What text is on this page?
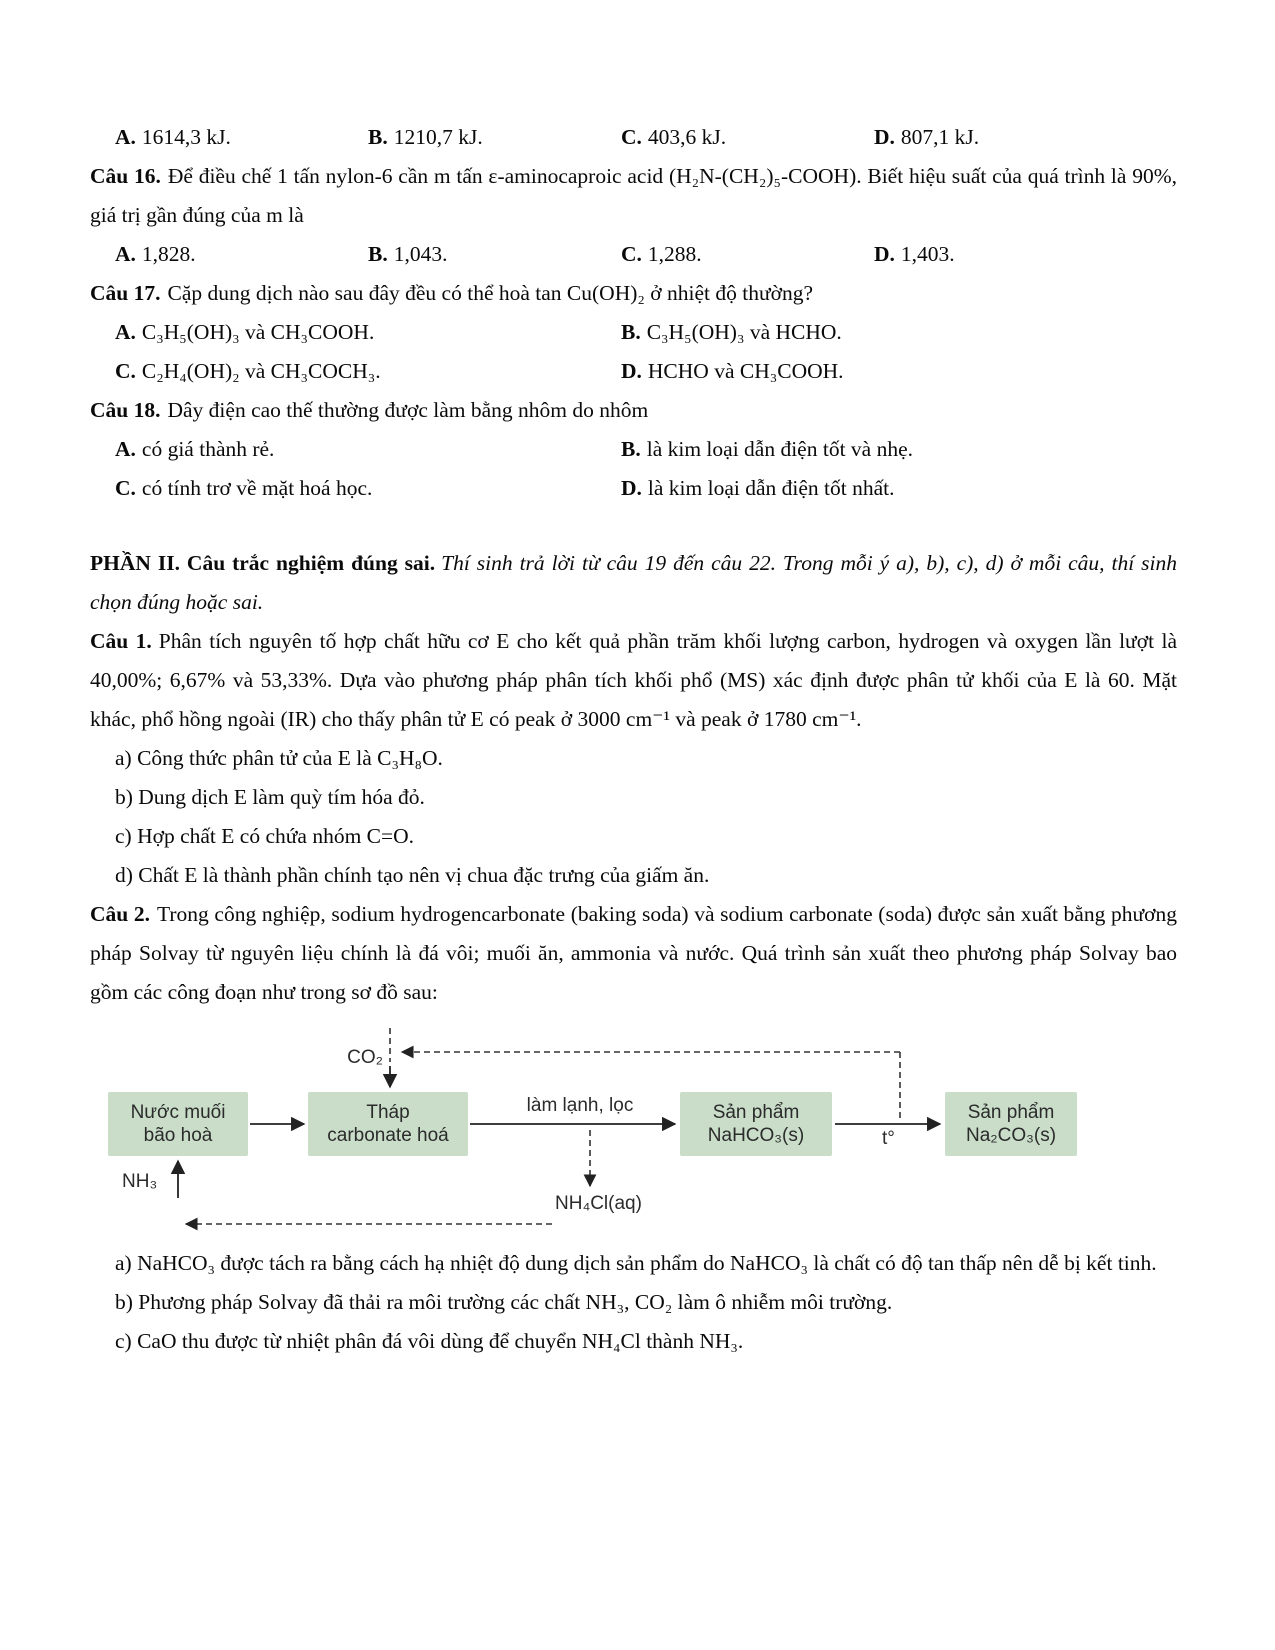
A. 1614,3 kJ.	B. 1210,7 kJ.	C. 403,6 kJ.	D. 807,1 kJ.

Câu 16. Để điều chế 1 tấn nylon-6 cần m tấn ε-aminocaproic acid (H₂N-(CH₂)₅-COOH). Biết hiệu suất của quá trình là 90%, giá trị gần đúng của m là

A. 1,828.	B. 1,043.	C. 1,288.	D. 1,403.

Câu 17. Cặp dung dịch nào sau đây đều có thể hoà tan Cu(OH)₂ ở nhiệt độ thường?

A. C₃H₅(OH)₃ và CH₃COOH.	B. C₃H₅(OH)₃ và HCHO.
C. C₂H₄(OH)₂ và CH₃COCH₃.	D. HCHO và CH₃COOH.

Câu 18. Dây điện cao thế thường được làm bằng nhôm do nhôm

A. có giá thành rẻ.	B. là kim loại dẫn điện tốt và nhẹ.
C. có tính trơ về mặt hoá học.	D. là kim loại dẫn điện tốt nhất.

PHẦN II. Câu trắc nghiệm đúng sai. Thí sinh trả lời từ câu 19 đến câu 22. Trong mỗi ý a), b), c), d) ở mỗi câu, thí sinh chọn đúng hoặc sai.

Câu 1. Phân tích nguyên tố hợp chất hữu cơ E cho kết quả phần trăm khối lượng carbon, hydrogen và oxygen lần lượt là 40,00%; 6,67% và 53,33%. Dựa vào phương pháp phân tích khối phổ (MS) xác định được phân tử khối của E là 60. Mặt khác, phổ hồng ngoài (IR) cho thấy phân tử E có peak ở 3000 cm⁻¹ và peak ở 1780 cm⁻¹.

a) Công thức phân tử của E là C₃H₈O.

b) Dung dịch E làm quỳ tím hóa đỏ.

c) Hợp chất E có chứa nhóm C=O.

d) Chất E là thành phần chính tạo nên vị chua đặc trưng của giấm ăn.

Câu 2. Trong công nghiệp, sodium hydrogencarbonate (baking soda) và sodium carbonate (soda) được sản xuất bằng phương pháp Solvay từ nguyên liệu chính là đá vôi; muối ăn, ammonia và nước. Quá trình sản xuất theo phương pháp Solvay bao gồm các công đoạn như trong sơ đồ sau:

Nước muối
bão hoà
Tháp
carbonate hoá
Sản phẩm
NaHCO₃(s)
Sản phẩm
Na₂CO₃(s)
CO₂
làm lạnh, lọc
t°
NH₃
NH₄Cl(aq)

a) NaHCO₃ được tách ra bằng cách hạ nhiệt độ dung dịch sản phẩm do NaHCO₃ là chất có độ tan thấp nên dễ bị kết tinh.

b) Phương pháp Solvay đã thải ra môi trường các chất NH₃, CO₂ làm ô nhiễm môi trường.

c) CaO thu được từ nhiệt phân đá vôi dùng để chuyển NH₄Cl thành NH₃.
